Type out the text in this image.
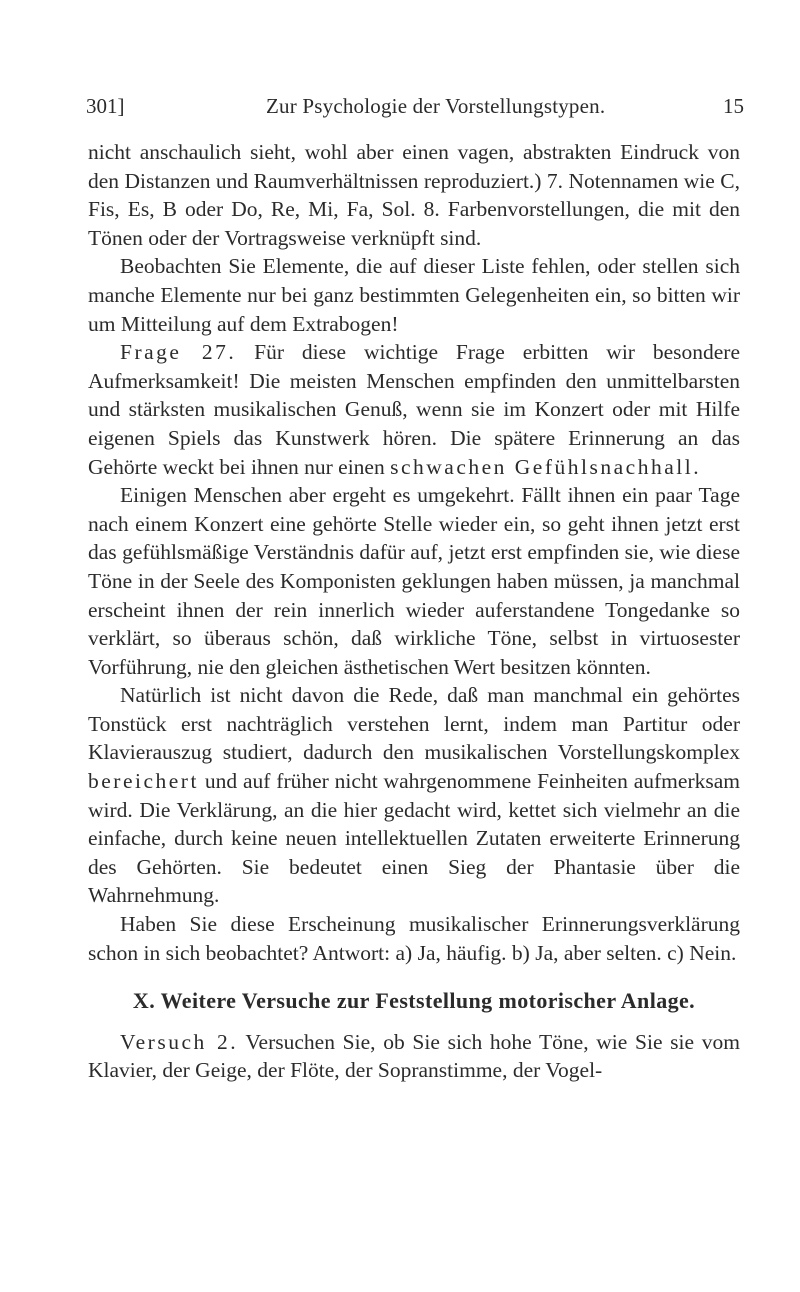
301]	Zur Psychologie der Vorstellungstypen.	15

nicht anschaulich sieht, wohl aber einen vagen, abstrakten Eindruck von den Distanzen und Raumverhältnissen reproduziert.) 7. Notennamen wie C, Fis, Es, B oder Do, Re, Mi, Fa, Sol. 8. Farbenvorstellungen, die mit den Tönen oder der Vortragsweise verknüpft sind.

Beobachten Sie Elemente, die auf dieser Liste fehlen, oder stellen sich manche Elemente nur bei ganz bestimmten Gelegenheiten ein, so bitten wir um Mitteilung auf dem Extrabogen!

Frage 27. Für diese wichtige Frage erbitten wir besondere Aufmerksamkeit! Die meisten Menschen empfinden den unmittelbarsten und stärksten musikalischen Genuß, wenn sie im Konzert oder mit Hilfe eigenen Spiels das Kunstwerk hören. Die spätere Erinnerung an das Gehörte weckt bei ihnen nur einen schwachen Gefühlsnachhall.

Einigen Menschen aber ergeht es umgekehrt. Fällt ihnen ein paar Tage nach einem Konzert eine gehörte Stelle wieder ein, so geht ihnen jetzt erst das gefühlsmäßige Verständnis dafür auf, jetzt erst empfinden sie, wie diese Töne in der Seele des Komponisten geklungen haben müssen, ja manchmal erscheint ihnen der rein innerlich wieder auferstandene Tongedanke so verklärt, so überaus schön, daß wirkliche Töne, selbst in virtuosester Vorführung, nie den gleichen ästhetischen Wert besitzen könnten.

Natürlich ist nicht davon die Rede, daß man manchmal ein gehörtes Tonstück erst nachträglich verstehen lernt, indem man Partitur oder Klavierauszug studiert, dadurch den musikalischen Vorstellungskomplex bereichert und auf früher nicht wahrgenommene Feinheiten aufmerksam wird. Die Verklärung, an die hier gedacht wird, kettet sich vielmehr an die einfache, durch keine neuen intellektuellen Zutaten erweiterte Erinnerung des Gehörten. Sie bedeutet einen Sieg der Phantasie über die Wahrnehmung.

Haben Sie diese Erscheinung musikalischer Erinnerungsverklärung schon in sich beobachtet? Antwort: a) Ja, häufig. b) Ja, aber selten. c) Nein.

X. Weitere Versuche zur Feststellung motorischer Anlage.

Versuch 2. Versuchen Sie, ob Sie sich hohe Töne, wie Sie sie vom Klavier, der Geige, der Flöte, der Sopranstimme, der Vogel-
